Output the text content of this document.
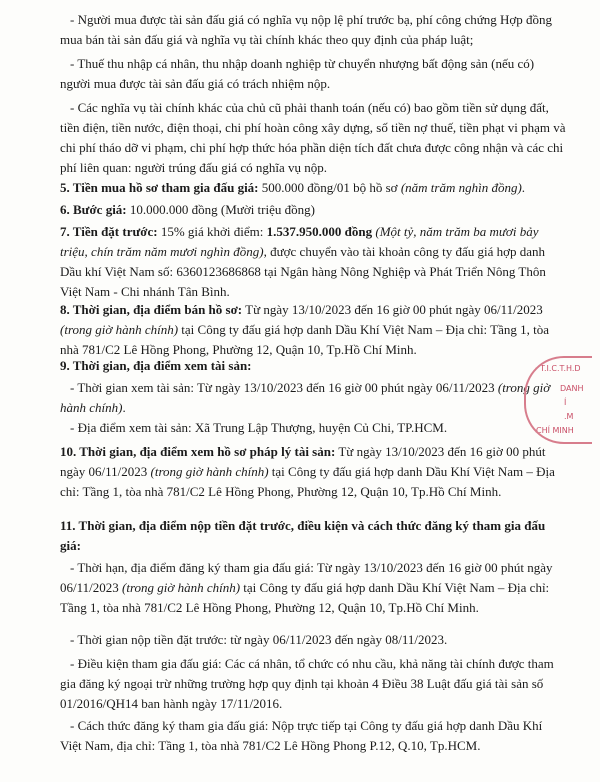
- Người mua được tài sản đấu giá có nghĩa vụ nộp lệ phí trước bạ, phí công chứng Hợp đồng mua bán tài sản đấu giá và nghĩa vụ tài chính khác theo quy định của pháp luật;

- Thuế thu nhập cá nhân, thu nhập doanh nghiệp từ chuyển nhượng bất động sản (nếu có) người mua được tài sản đấu giá có trách nhiệm nộp.

- Các nghĩa vụ tài chính khác của chủ cũ phải thanh toán (nếu có) bao gồm tiền sử dụng đất, tiền điện, tiền nước, điện thoại, chi phí hoàn công xây dựng, số tiền nợ thuế, tiền phạt vi phạm và chi phí tháo dỡ vi phạm, chi phí hợp thức hóa phần diện tích đất chưa được công nhận và các chi phí liên quan: người trúng đấu giá có nghĩa vụ nộp.

5. Tiền mua hồ sơ tham gia đấu giá: 500.000 đồng/01 bộ hồ sơ (năm trăm nghìn đồng).

6. Bước giá: 10.000.000 đồng (Mười triệu đồng)

7. Tiền đặt trước: 15% giá khởi điểm: 1.537.950.000 đồng (Một tỷ, năm trăm ba mươi bảy triệu, chín trăm năm mươi nghìn đồng), được chuyển vào tài khoản công ty đấu giá hợp danh Dầu khí Việt Nam số: 6360123686868 tại Ngân hàng Nông Nghiệp và Phát Triển Nông Thôn Việt Nam - Chi nhánh Tân Bình.

8. Thời gian, địa điểm bán hồ sơ: Từ ngày 13/10/2023 đến 16 giờ 00 phút ngày 06/11/2023 (trong giờ hành chính) tại Công ty đấu giá hợp danh Dầu Khí Việt Nam – Địa chỉ: Tầng 1, tòa nhà 781/C2 Lê Hồng Phong, Phường 12, Quận 10, Tp.Hồ Chí Minh.

9. Thời gian, địa điểm xem tài sản:

- Thời gian xem tài sản: Từ ngày 13/10/2023 đến 16 giờ 00 phút ngày 06/11/2023 (trong giờ hành chính).

- Địa điểm xem tài sản: Xã Trung Lập Thượng, huyện Củ Chi, TP.HCM.

10. Thời gian, địa điểm xem hồ sơ pháp lý tài sản: Từ ngày 13/10/2023 đến 16 giờ 00 phút ngày 06/11/2023 (trong giờ hành chính) tại Công ty đấu giá hợp danh Dầu Khí Việt Nam – Địa chỉ: Tầng 1, tòa nhà 781/C2 Lê Hồng Phong, Phường 12, Quận 10, Tp.Hồ Chí Minh.

11. Thời gian, địa điểm nộp tiền đặt trước, điều kiện và cách thức đăng ký tham gia đấu giá:

- Thời hạn, địa điểm đăng ký tham gia đấu giá: Từ ngày 13/10/2023 đến 16 giờ 00 phút ngày 06/11/2023 (trong giờ hành chính) tại Công ty đấu giá hợp danh Dầu Khí Việt Nam – Địa chỉ: Tầng 1, tòa nhà 781/C2 Lê Hồng Phong, Phường 12, Quận 10, Tp.Hồ Chí Minh.

- Thời gian nộp tiền đặt trước: từ ngày 06/11/2023 đến ngày 08/11/2023.

- Điều kiện tham gia đấu giá: Các cá nhân, tổ chức có nhu cầu, khả năng tài chính được tham gia đăng ký ngoại trừ những trường hợp quy định tại khoản 4 Điều 38 Luật đấu giá tài sản số 01/2016/QH14 ban hành ngày 17/11/2016.

- Cách thức đăng ký tham gia đấu giá: Nộp trực tiếp tại Công ty đấu giá hợp danh Dầu Khí Việt Nam, địa chỉ: Tầng 1, tòa nhà 781/C2 Lê Hồng Phong P.12, Q.10, Tp.HCM.

T.I.C.T.H.D
DANH
Í
.M
CHÍ MINH
